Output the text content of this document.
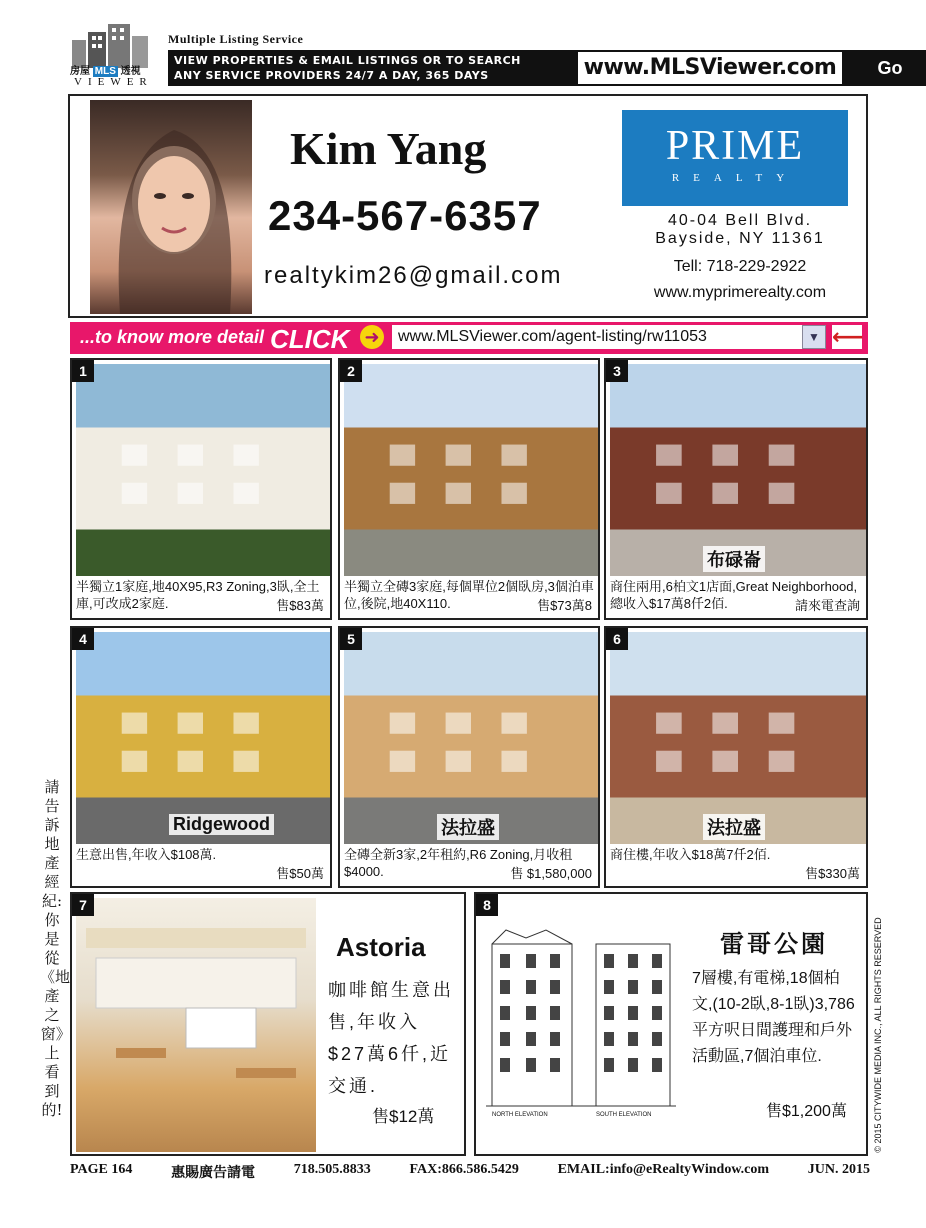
房屋 MLS 透視
VIEWER
Multiple Listing Service
VIEW PROPERTIES & EMAIL LISTINGS OR TO SEARCH
ANY SERVICE PROVIDERS 24/7 A DAY, 365 DAYS	www.MLSViewer.com	Go
Kim Yang
234-567-6357
realtykim26@gmail.com
PRIME
REALTY
40-04 Bell Blvd.
Bayside, NY 11361
Tell: 718-229-2922
www.myprimerealty.com
...to know more detail CLICK ➜	www.MLSViewer.com/agent-listing/rw11053	▼ ⟵
1
半獨立1家庭,地40X95,R3 Zoning,3臥,全土庫,可改成2家庭.	售$83萬
2
半獨立全磚3家庭,每個單位2個臥房,3個泊車位,後院,地40X110.	售$73萬8
3
布碌崙
商住兩用,6柏文1店面,Great Neighborhood,總收入$17萬8仟2佰.	請來電查詢
4
Ridgewood
生意出售,年收入$108萬.
售$50萬
5
法拉盛
全磚全新3家,2年租約,R6 Zoning,月收租$4000.	售 $1,580,000
6
法拉盛
商住樓,年收入$18萬7仟2佰.
售$330萬
7
Astoria
咖啡館生意出售,年收入$27萬6仟,近交通.
售$12萬	NORTH ELEVATION	SOUTH ELEVATION
8
雷哥公園
7層樓,有電梯,18個柏文,(10-2臥,8-1臥)3,786平方呎日間護理和戶外活動區,7個泊車位.
售$1,200萬
請告訴地產經紀:你是從《地產之窗》上看到的!	© 2015 CITYWIDE MEDIA INC., ALL RIGHTS RESERVED
PAGE 164	惠賜廣告請電	718.505.8833	FAX:866.586.5429	EMAIL:info@eRealtyWindow.com	JUN. 2015
